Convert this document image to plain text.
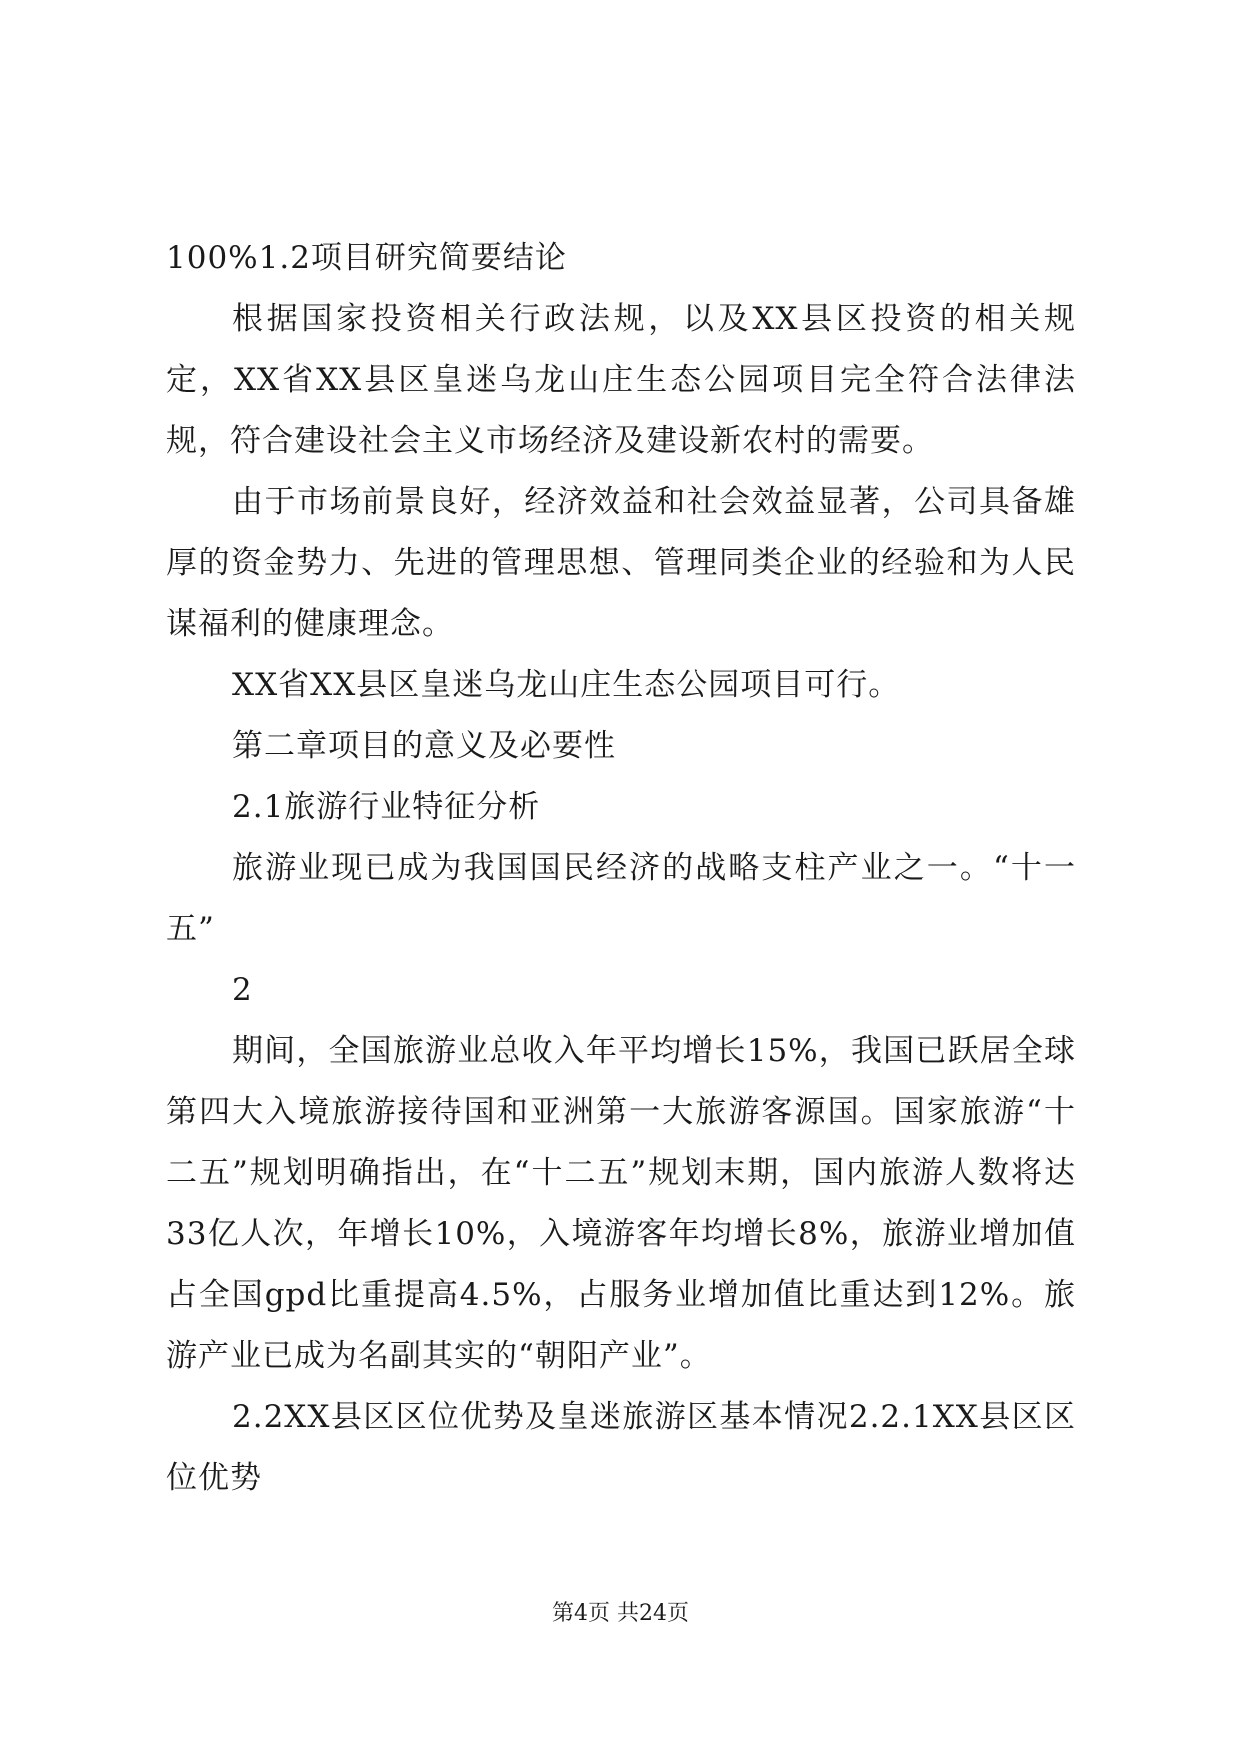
100%1.2项目研究简要结论

根据国家投资相关行政法规，以及XX县区投资的相关规定，XX省XX县区皇迷乌龙山庄生态公园项目完全符合法律法规，符合建设社会主义市场经济及建设新农村的需要。

由于市场前景良好，经济效益和社会效益显著，公司具备雄厚的资金势力、先进的管理思想、管理同类企业的经验和为人民谋福利的健康理念。

XX省XX县区皇迷乌龙山庄生态公园项目可行。

第二章项目的意义及必要性

2.1旅游行业特征分析

旅游业现已成为我国国民经济的战略支柱产业之一。“十一五”

2

期间，全国旅游业总收入年平均增长15%，我国已跃居全球第四大入境旅游接待国和亚洲第一大旅游客源国。国家旅游“十二五”规划明确指出，在“十二五”规划末期，国内旅游人数将达33亿人次，年增长10%，入境游客年均增长8%，旅游业增加值占全国gpd比重提高4.5%，占服务业增加值比重达到12%。旅游产业已成为名副其实的“朝阳产业”。

2.2XX县区区位优势及皇迷旅游区基本情况2.2.1XX县区区位优势

第4页 共24页
